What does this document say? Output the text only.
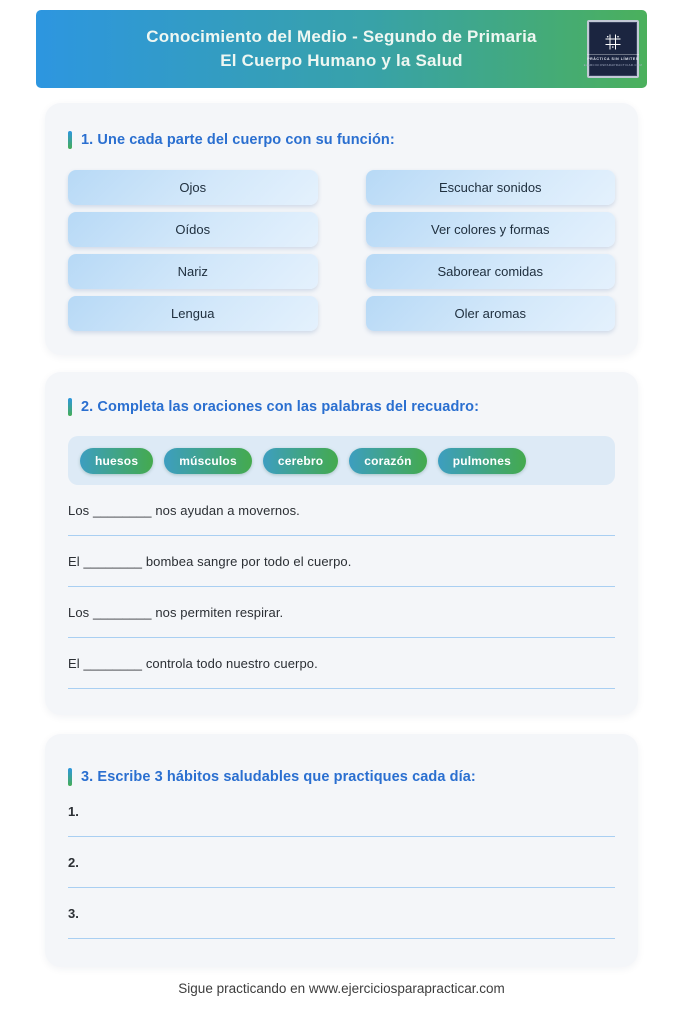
Conocimiento del Medio - Segundo de Primaria
El Cuerpo Humano y la Salud	PRÁCTICA SIN LÍMITES
EJERCICIOSPARAPRACTICAR.COM
1. Une cada parte del cuerpo con su función:
Ojos	Escuchar sonidos
Oídos	Ver colores y formas
Nariz	Saborear comidas
Lengua	Oler aromas
2. Completa las oraciones con las palabras del recuadro:
huesos	músculos	cerebro	corazón	pulmones
Los ________ nos ayudan a movernos.
El ________ bombea sangre por todo el cuerpo.
Los ________ nos permiten respirar.
El ________ controla todo nuestro cuerpo.
3. Escribe 3 hábitos saludables que practiques cada día:
1.
2.
3.
Sigue practicando en www.ejerciciosparapracticar.com
